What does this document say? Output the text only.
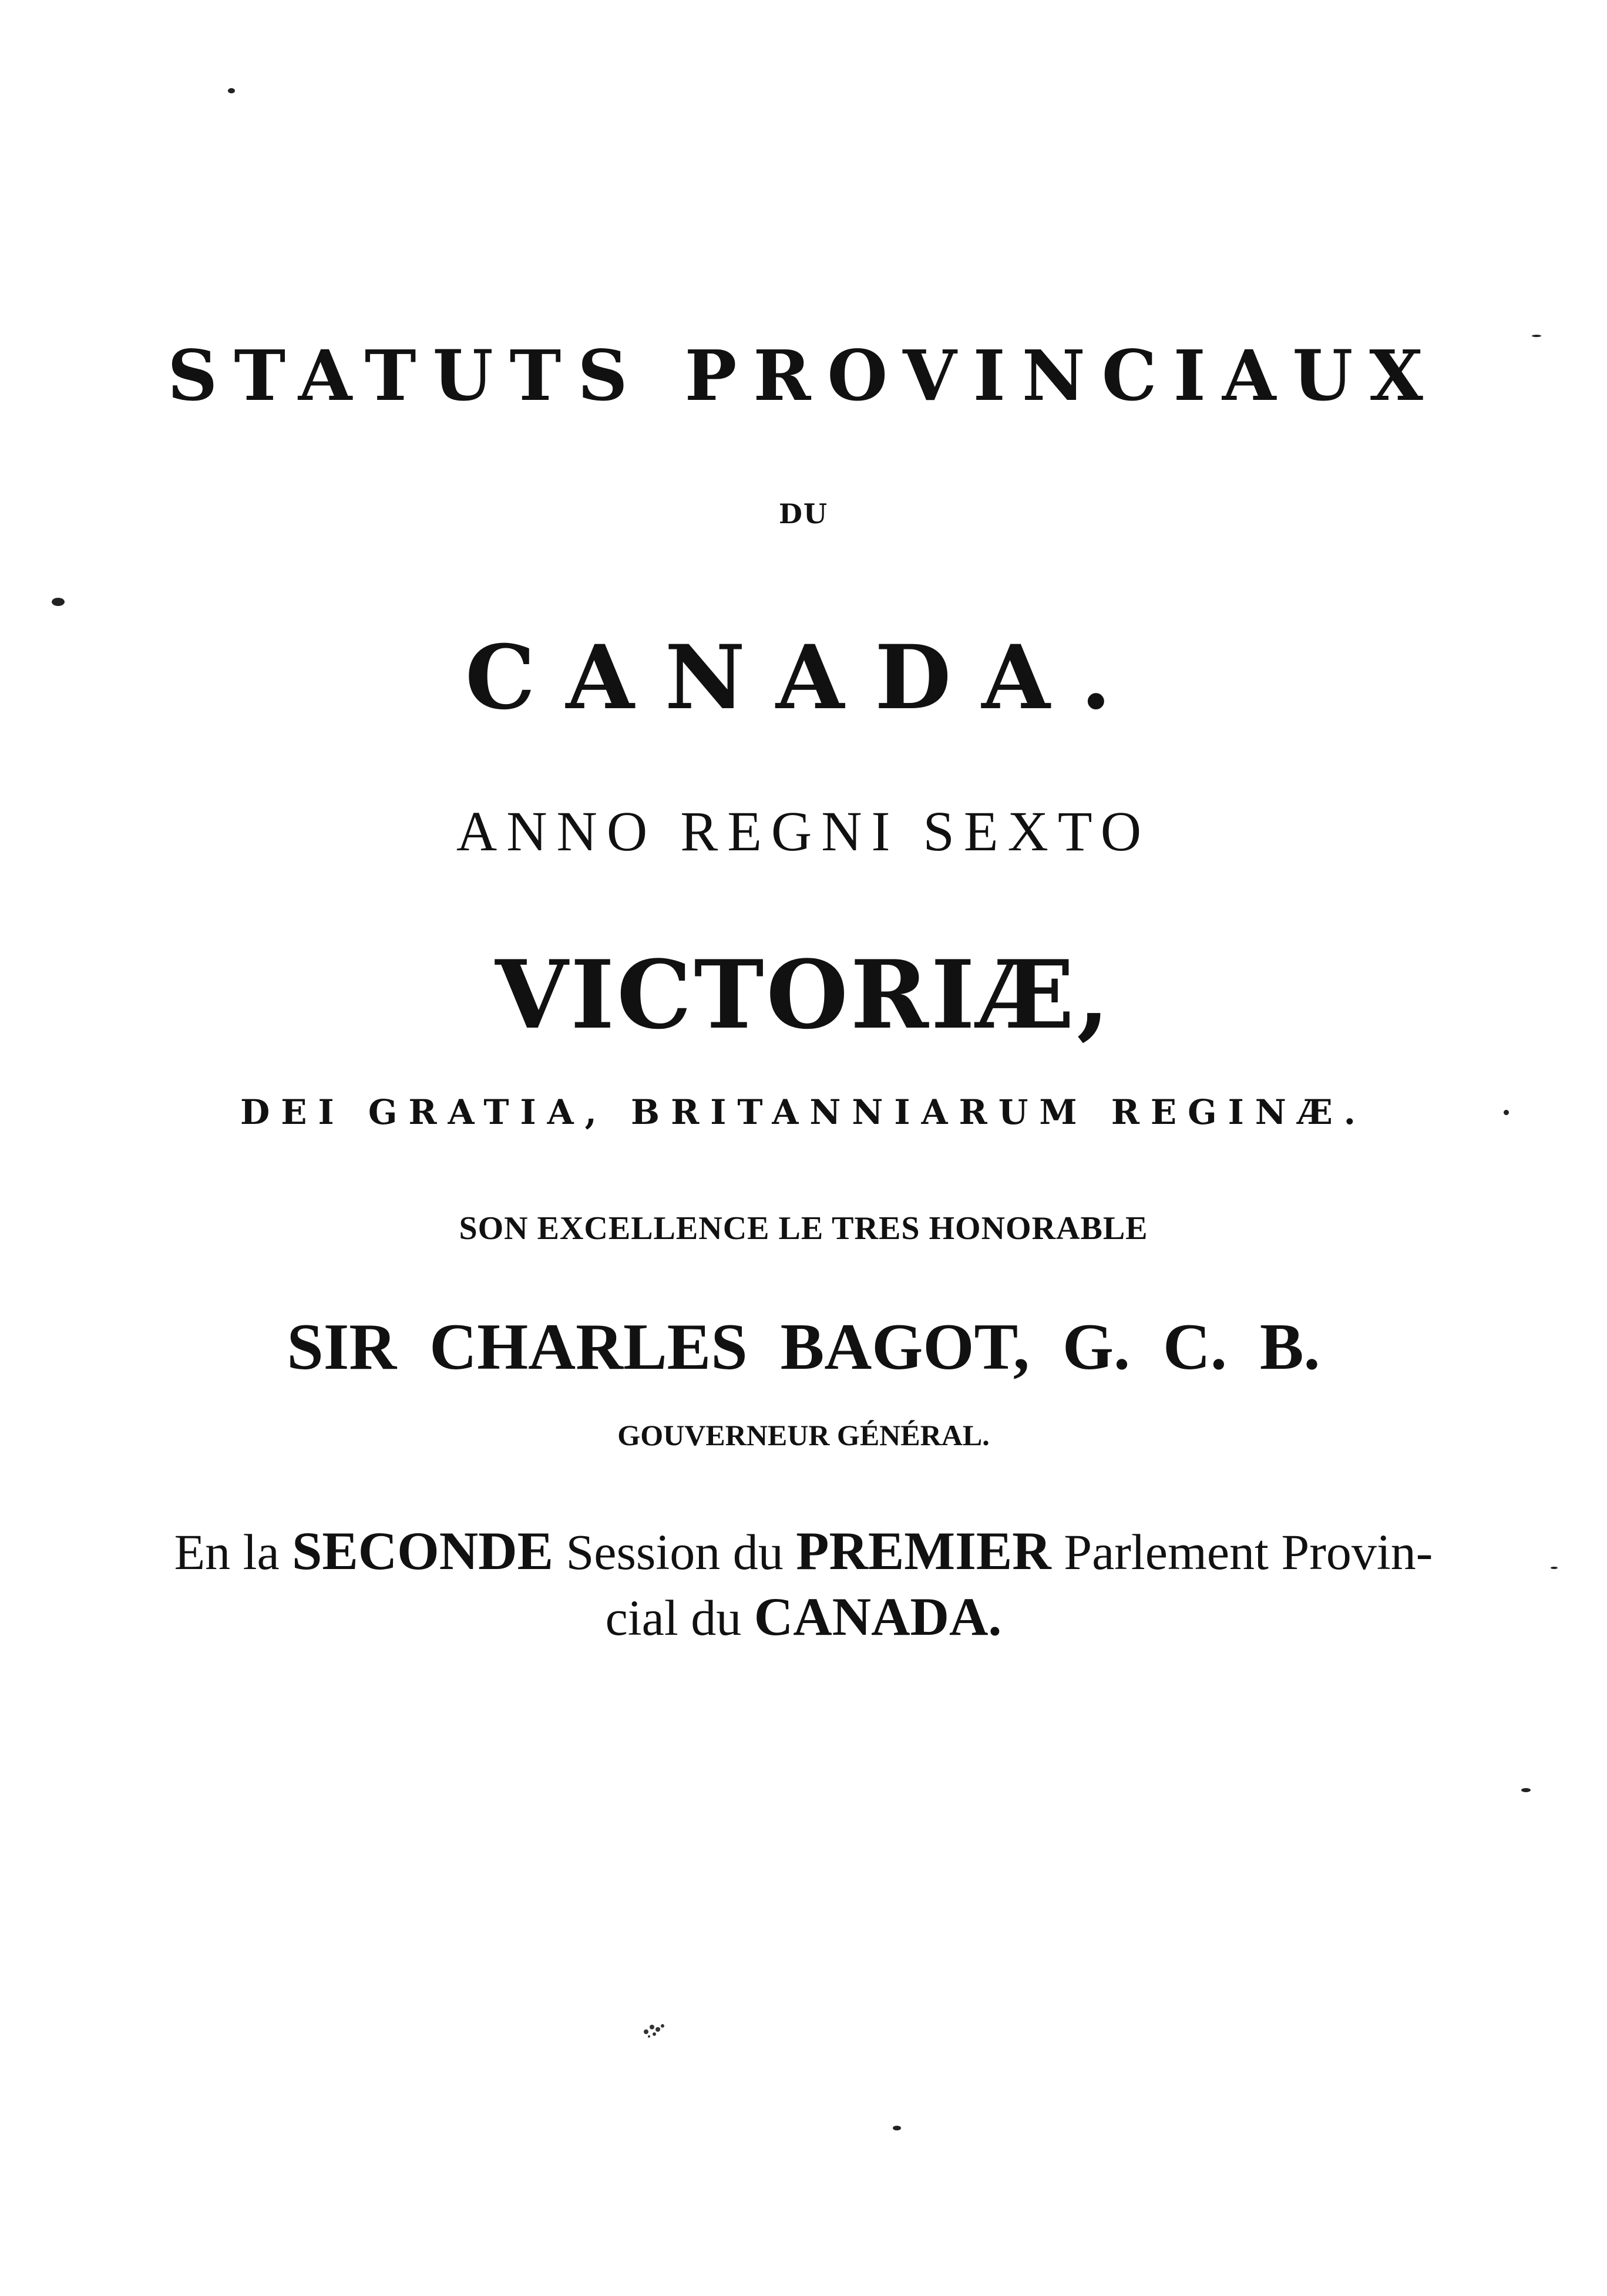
STATUTS PROVINCIAUX
DU
CANADA.
ANNO REGNI SEXTO
VICTORIÆ,
DEI GRATIA, BRITANNIARUM REGINÆ.
SON EXCELLENCE LE TRES HONORABLE
SIR CHARLES BAGOT, G. C. B.
GOUVERNEUR GÉNÉRAL.
En la SECONDE Session du PREMIER Parlement Provin-
cial du CANADA.
